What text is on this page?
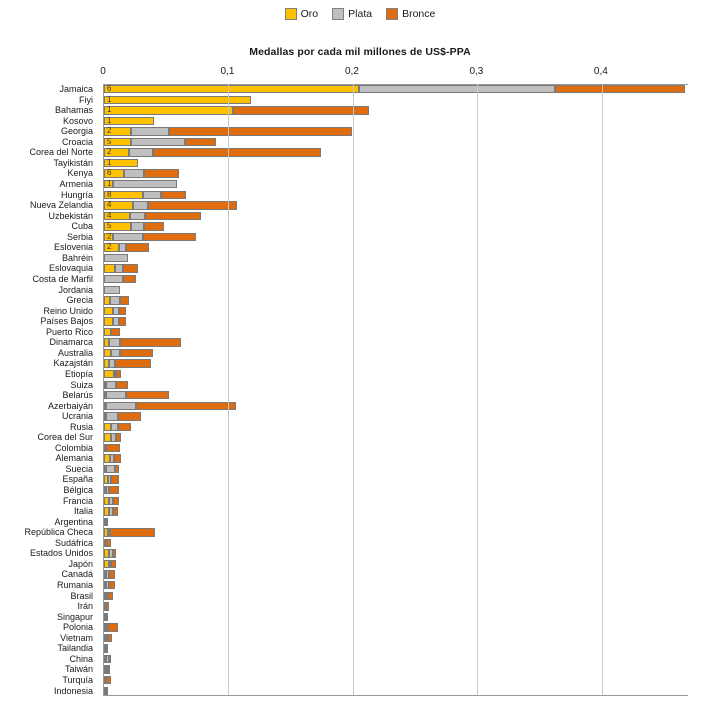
Oro	Plata	Bronce
Medallas por cada mil millones de US$-PPA
Jamaica
Fiyi
Bahamas
Kosovo
Georgia
Croacia
Corea del Norte
Tayikistán
Kenya
Armenia
Hungría
Nueva Zelandia
Uzbekistán
Cuba
Serbia
Eslovenia
Bahréin
Eslovaquia
Costa de Marfil
Jordania
Grecia
Reino Unido
Países Bajos
Puerto Rico
Dinamarca
Australia
Kazajstán
Etiopía
Suiza
Belarús
Azerbaiyán
Ucrania
Rusia
Corea del Sur
Colombia
Alemania
Suecia
España
Bélgica
Francia
Italia
Argentina
República Checa
Sudáfrica
Estados Unidos
Japón
Canadá
Rumania
Brasil
Irán
Singapur
Polonia
Vietnam
Tailandia
China
Taiwán
Turquía
Indonesia
6
1
1
1
2
5
2
1
6
1
8
4
4
5
2
2
0	0,1	0,2	0,3	0,4
